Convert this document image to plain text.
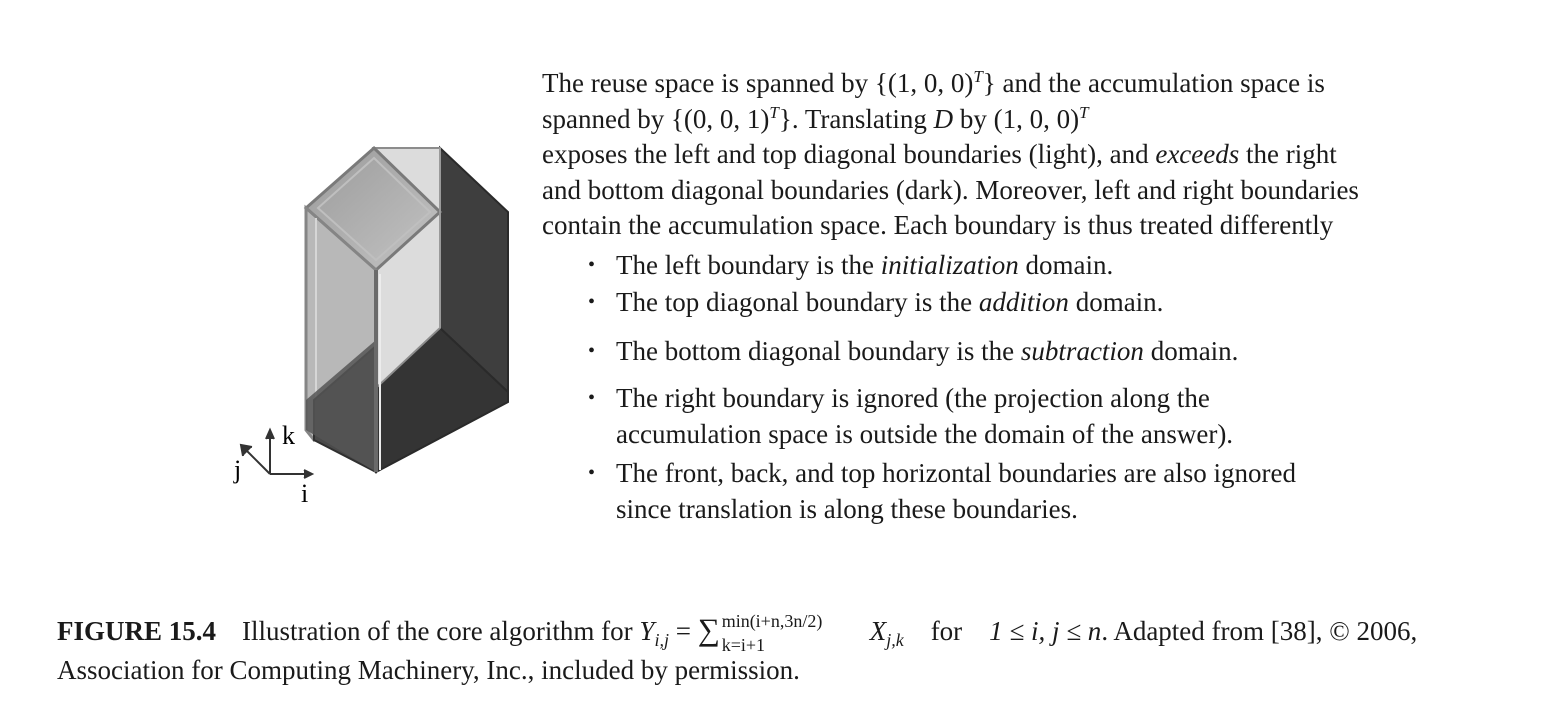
k
j
i

The reuse space is spanned by {(1, 0, 0)$^T$} and the accumulation space is spanned by {(0, 0, 1)$^T$}. Translating D by (1, 0, 0)$^T$
exposes the left and top diagonal boundaries (light), and exceeds the right and bottom diagonal boundaries (dark). Moreover, left and right boundaries contain the accumulation space. Each boundary is thus treated differently

• The left boundary is the initialization domain.
• The top diagonal boundary is the addition domain.
• The bottom diagonal boundary is the subtraction domain.
• The right boundary is ignored (the projection along the accumulation space is outside the domain of the answer).
• The front, back, and top horizontal boundaries are also ignored since translation is along these boundaries.
FIGURE 15.4 Illustration of the core algorithm for $Y_{i,j}$ = ∑ min(i+n,3n/2)
k=i+1	$X_{j,k}$ for 1 ≤ i, j ≤ n. Adapted from [38], © 2006, Association for Computing Machinery, Inc., included by permission.
